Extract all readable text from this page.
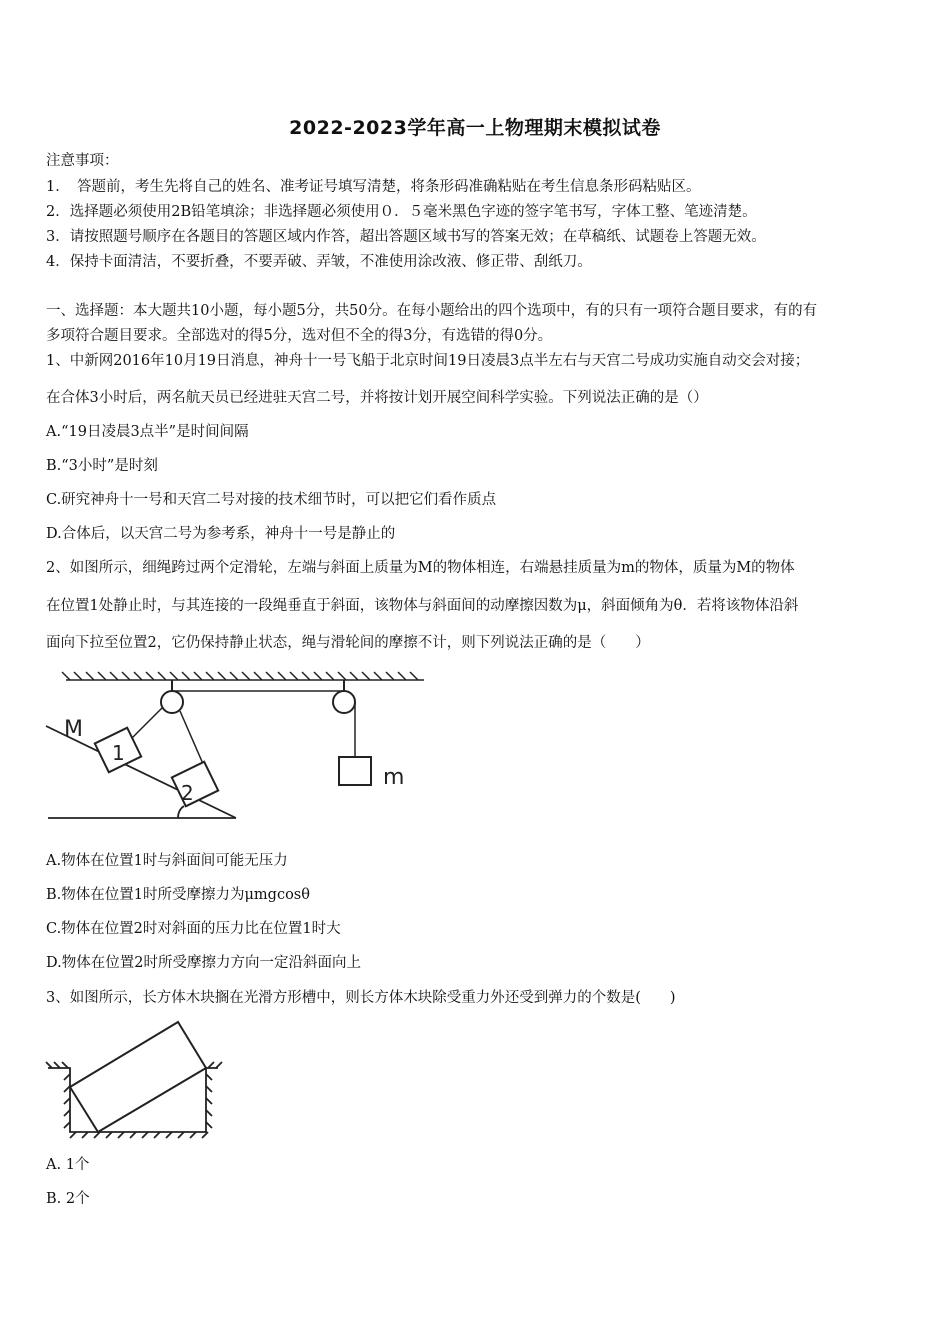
2022-2023学年高一上物理期末模拟试卷
注意事项：
1．　答题前，考生先将自己的姓名、准考证号填写清楚，将条形码准确粘贴在考生信息条形码粘贴区。
2．选择题必须使用2B铅笔填涂；非选择题必须使用０．５毫米黑色字迹的签字笔书写，字体工整、笔迹清楚。
3．请按照题号顺序在各题目的答题区域内作答，超出答题区域书写的答案无效；在草稿纸、试题卷上答题无效。
4．保持卡面清洁，不要折叠，不要弄破、弄皱，不准使用涂改液、修正带、刮纸刀。
一、选择题：本大题共10小题，每小题5分，共50分。在每小题给出的四个选项中，有的只有一项符合题目要求，有的有
多项符合题目要求。全部选对的得5分，选对但不全的得3分，有选错的得0分。
1、中新网2016年10月19日消息，神舟十一号飞船于北京时间19日凌晨3点半左右与天宫二号成功实施自动交会对接；
在合体3小时后，两名航天员已经进驻天宫二号，并将按计划开展空间科学实验。下列说法正确的是（）
A.“19日凌晨3点半”是时间间隔
B.“3小时”是时刻
C.研究神舟十一号和天宫二号对接的技术细节时，可以把它们看作质点
D.合体后，以天宫二号为参考系，神舟十一号是静止的
2、如图所示，细绳跨过两个定滑轮，左端与斜面上质量为M的物体相连，右端悬挂质量为m的物体，质量为M的物体
在位置1处静止时，与其连接的一段绳垂直于斜面，该物体与斜面间的动摩擦因数为μ，斜面倾角为θ．若将该物体沿斜
面向下拉至位置2，它仍保持静止状态，绳与滑轮间的摩擦不计，则下列说法正确的是（　　）
M
1
2
m
A.物体在位置1时与斜面间可能无压力
B.物体在位置1时所受摩擦力为μmgcosθ
C.物体在位置2时对斜面的压力比在位置1时大
D.物体在位置2时所受摩擦力方向一定沿斜面向上
3、如图所示，长方体木块搁在光滑方形槽中，则长方体木块除受重力外还受到弹力的个数是(　　)
A. 1个
B. 2个
